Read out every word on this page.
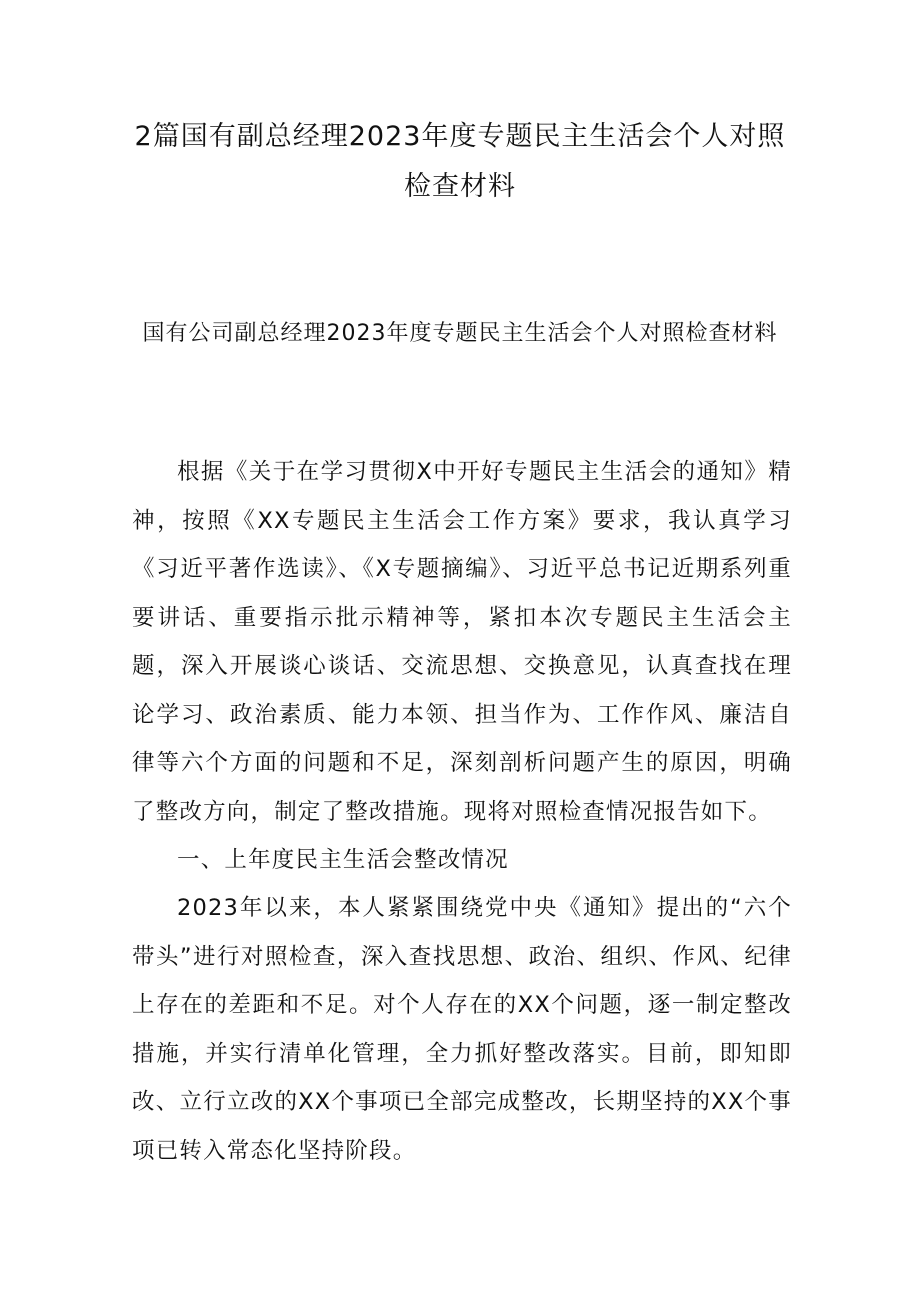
2篇国有副总经理2023年度专题民主生活会个人对照检查材料
国有公司副总经理2023年度专题民主生活会个人对照检查材料
根据《关于在学习贯彻X中开好专题民主生活会的通知》精神，按照《XX专题民主生活会工作方案》要求，我认真学习《习近平著作选读》、《X专题摘编》、习近平总书记近期系列重要讲话、重要指示批示精神等，紧扣本次专题民主生活会主题，深入开展谈心谈话、交流思想、交换意见，认真查找在理论学习、政治素质、能力本领、担当作为、工作作风、廉洁自律等六个方面的问题和不足，深刻剖析问题产生的原因，明确了整改方向，制定了整改措施。现将对照检查情况报告如下。
一、上年度民主生活会整改情况
2023年以来，本人紧紧围绕党中央《通知》提出的“六个带头”进行对照检查，深入查找思想、政治、组织、作风、纪律上存在的差距和不足。对个人存在的XX个问题，逐一制定整改措施，并实行清单化管理，全力抓好整改落实。目前，即知即改、立行立改的XX个事项已全部完成整改，长期坚持的XX个事项已转入常态化坚持阶段。
